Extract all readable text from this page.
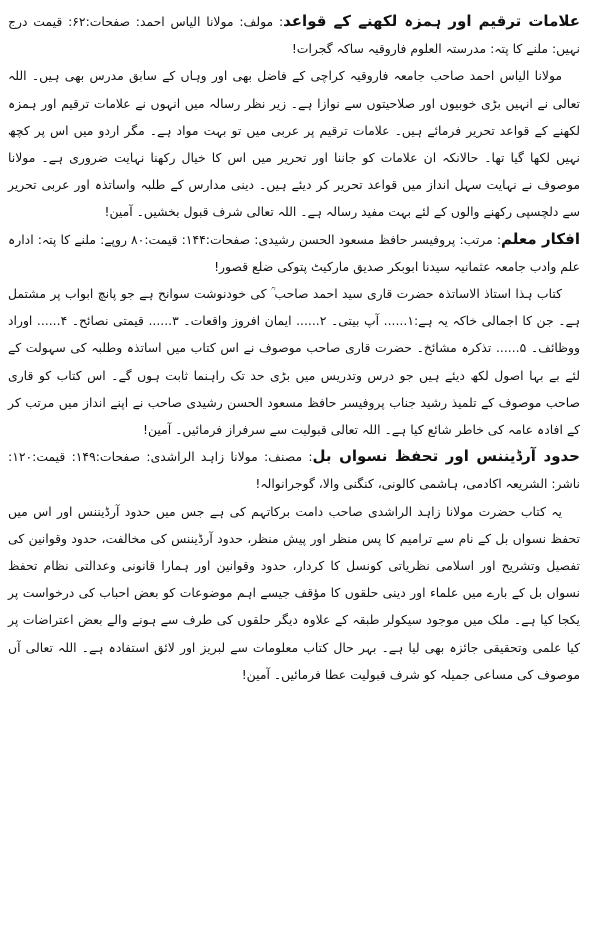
علامات ترقیم اور ہمزہ لکھنے کے قواعد: مولف: مولانا الیاس احمد: صفحات:۶۲: قیمت درج نہیں: ملنے کا پتہ: مدرستہ العلوم فاروقیہ ساکہ گجرات!

مولانا الیاس احمد صاحب جامعہ فاروقیہ کراچی کے فاضل بھی اور وہاں کے سابق مدرس بھی ہیں۔ اللہ تعالی نے انہیں بڑی خوبیوں اور صلاحیتوں سے نوازا ہے۔ زیر نظر رسالہ میں انہوں نے علامات ترقیم اور ہمزہ لکھنے کے قواعد تحریر فرمائے ہیں۔ علامات ترقیم پر عربی میں تو بہت مواد ہے۔ مگر اردو میں اس پر کچھ نہیں لکھا گیا تھا۔ حالانکہ ان علامات کو جاننا اور تحریر میں اس کا خیال رکھنا نہایت ضروری ہے۔ مولانا موصوف نے نہایت سہل انداز میں قواعد تحریر کر دیئے ہیں۔ دینی مدارس کے طلبہ واساتذہ اور عربی تحریر سے دلچسپی رکھنے والوں کے لئے بہت مفید رسالہ ہے۔ اللہ تعالی شرف قبول بخشیں۔ آمین!

افکار معلم: مرتب: پروفیسر حافظ مسعود الحسن رشیدی: صفحات:۱۴۴: قیمت:۸۰ روپے: ملنے کا پتہ: ادارہ علم وادب جامعہ عثمانیہ سیدنا ابوبکر صدیق مارکیٹ پتوکی ضلع قصور!

کتاب ہذا استاذ الاساتذہ حضرت قاری سید احمد صاحب ؒ کی خودنوشت سوانح ہے جو پانچ ابواب پر مشتمل ہے۔ جن کا اجمالی خاکہ یہ ہے:۱...... آپ بیتی۔ ۲...... ایمان افروز واقعات۔ ۳...... قیمتی نصائح۔ ۴...... اوراد ووظائف۔ ۵...... تذکرہ مشائخ۔ حضرت قاری صاحب موصوف نے اس کتاب میں اساتذہ وطلبہ کی سہولت کے لئے بے بہا اصول لکھ دیئے ہیں جو درس وتدریس میں بڑی حد تک راہنما ثابت ہوں گے۔ اس کتاب کو قاری صاحب موصوف کے تلمیذ رشید جناب پروفیسر حافظ مسعود الحسن رشیدی صاحب نے اپنے انداز میں مرتب کر کے افادہ عامہ کی خاطر شائع کیا ہے۔ اللہ تعالی قبولیت سے سرفراز فرمائیں۔ آمین!

حدود آرڈیننس اور تحفظ نسواں بل: مصنف: مولانا زاہد الراشدی: صفحات:۱۴۹: قیمت:۱۲۰: ناشر: الشریعہ اکادمی، ہاشمی کالونی، کنگنی والا، گوجرانوالہ!

یہ کتاب حضرت مولانا زاہد الراشدی صاحب دامت برکاتہم کی ہے جس میں حدود آرڈیننس اور اس میں تحفظ نسواں بل کے نام سے ترامیم کا پس منظر اور پیش منظر، حدود آرڈیننس کی مخالفت، حدود وقوانین کی تفصیل وتشریح اور اسلامی نظریاتی کونسل کا کردار، حدود وقوانین اور ہمارا قانونی وعدالتی نظام تحفظ نسواں بل کے بارے میں علماء اور دینی حلقوں کا مؤقف جیسے اہم موضوعات کو بعض احباب کی درخواست پر یکجا کیا ہے۔ ملک میں موجود سیکولر طبقہ کے علاوہ دیگر حلقوں کی طرف سے ہونے والے بعض اعتراضات پر کیا علمی وتحقیقی جائزہ بھی لیا ہے۔ بہر حال کتاب معلومات سے لبریز اور لائق استفادہ ہے۔ اللہ تعالی آں موصوف کی مساعی جمیلہ کو شرف قبولیت عطا فرمائیں۔ آمین!
